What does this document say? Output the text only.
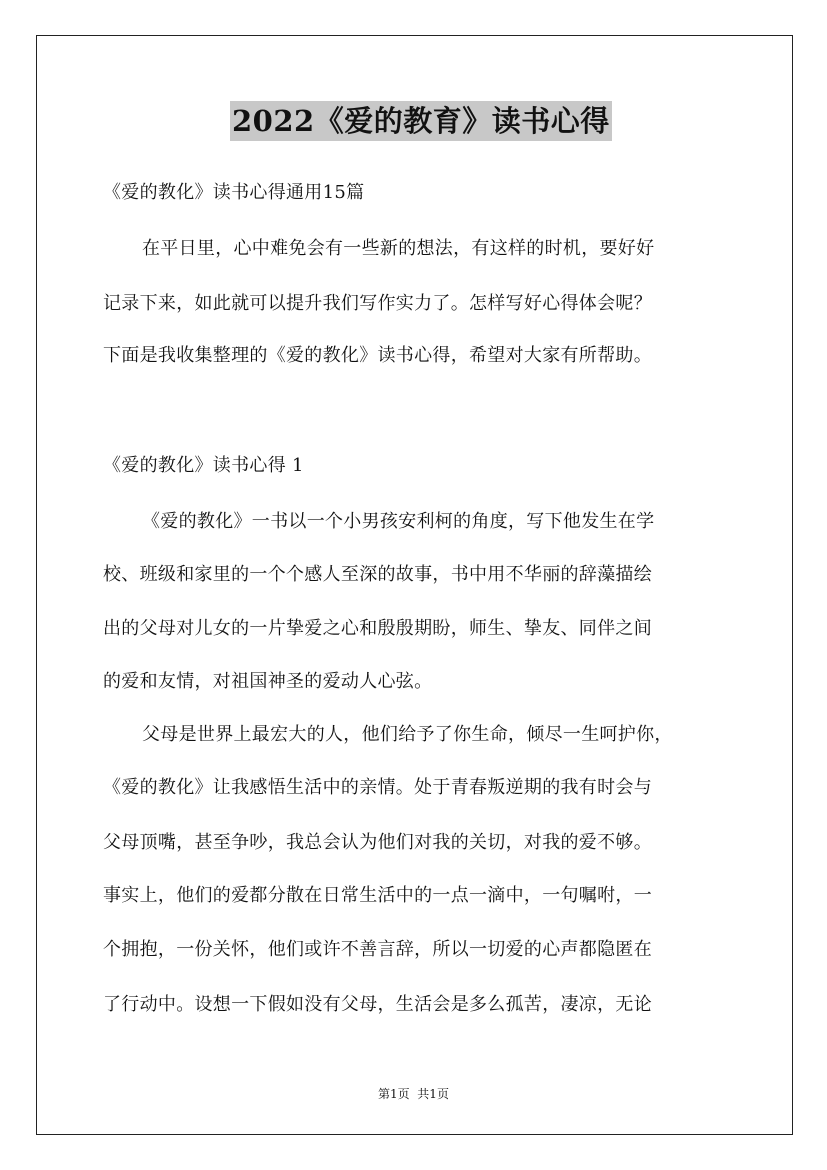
2022《爱的教育》读书心得
《爱的教化》读书心得通用15篇
在平日里，心中难免会有一些新的想法，有这样的时机，要好好
记录下来，如此就可以提升我们写作实力了。怎样写好心得体会呢？
下面是我收集整理的《爱的教化》读书心得，希望对大家有所帮助。
《爱的教化》读书心得 1
《爱的教化》一书以一个小男孩安利柯的角度，写下他发生在学
校、班级和家里的一个个感人至深的故事，书中用不华丽的辞藻描绘
出的父母对儿女的一片挚爱之心和殷殷期盼，师生、挚友、同伴之间
的爱和友情，对祖国神圣的爱动人心弦。
父母是世界上最宏大的人，他们给予了你生命，倾尽一生呵护你，
《爱的教化》让我感悟生活中的亲情。处于青春叛逆期的我有时会与
父母顶嘴，甚至争吵，我总会认为他们对我的关切，对我的爱不够。
事实上，他们的爱都分散在日常生活中的一点一滴中，一句嘱咐，一
个拥抱，一份关怀，他们或许不善言辞，所以一切爱的心声都隐匿在
了行动中。设想一下假如没有父母，生活会是多么孤苦，凄凉，无论
第1页  共1页
